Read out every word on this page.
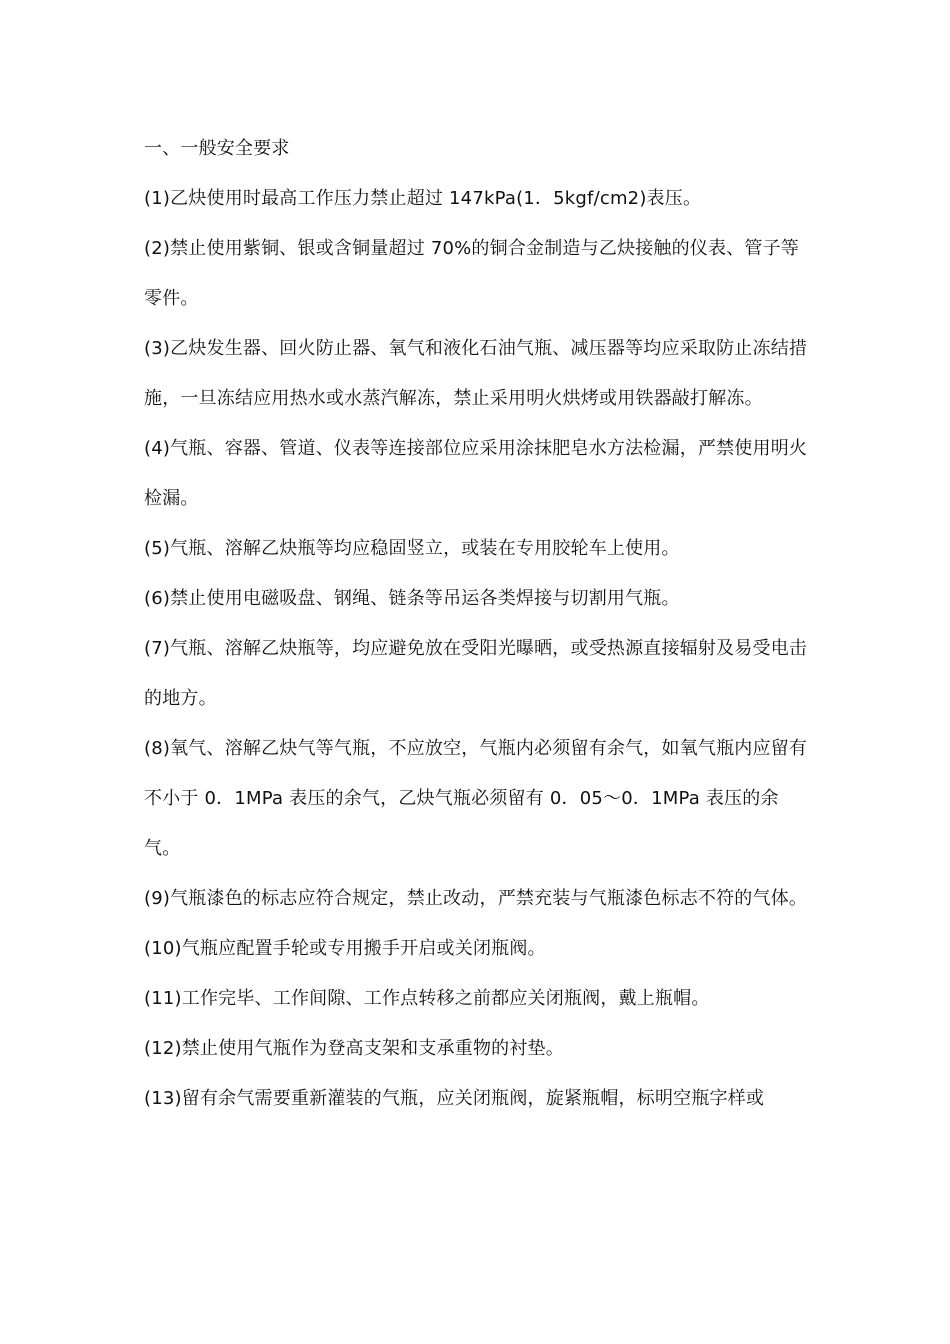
一、一般安全要求

(1)乙炔使用时最高工作压力禁止超过 147kPa(1．5kgf/cm2)表压。

(2)禁止使用紫铜、银或含铜量超过 70%的铜合金制造与乙炔接触的仪表、管子等零件。

(3)乙炔发生器、回火防止器、氧气和液化石油气瓶、减压器等均应采取防止冻结措施，一旦冻结应用热水或水蒸汽解冻，禁止采用明火烘烤或用铁器敲打解冻。

(4)气瓶、容器、管道、仪表等连接部位应采用涂抹肥皂水方法检漏，严禁使用明火检漏。

(5)气瓶、溶解乙炔瓶等均应稳固竖立，或装在专用胶轮车上使用。

(6)禁止使用电磁吸盘、钢绳、链条等吊运各类焊接与切割用气瓶。

(7)气瓶、溶解乙炔瓶等，均应避免放在受阳光曝晒，或受热源直接辐射及易受电击的地方。

(8)氧气、溶解乙炔气等气瓶，不应放空，气瓶内必须留有余气，如氧气瓶内应留有不小于 0．1MPa 表压的余气，乙炔气瓶必须留有 0．05～0．1MPa 表压的余气。

(9)气瓶漆色的标志应符合规定，禁止改动，严禁充装与气瓶漆色标志不符的气体。

(10)气瓶应配置手轮或专用搬手开启或关闭瓶阀。

(11)工作完毕、工作间隙、工作点转移之前都应关闭瓶阀，戴上瓶帽。

(12)禁止使用气瓶作为登高支架和支承重物的衬垫。

(13)留有余气需要重新灌装的气瓶，应关闭瓶阀，旋紧瓶帽，标明空瓶字样或
